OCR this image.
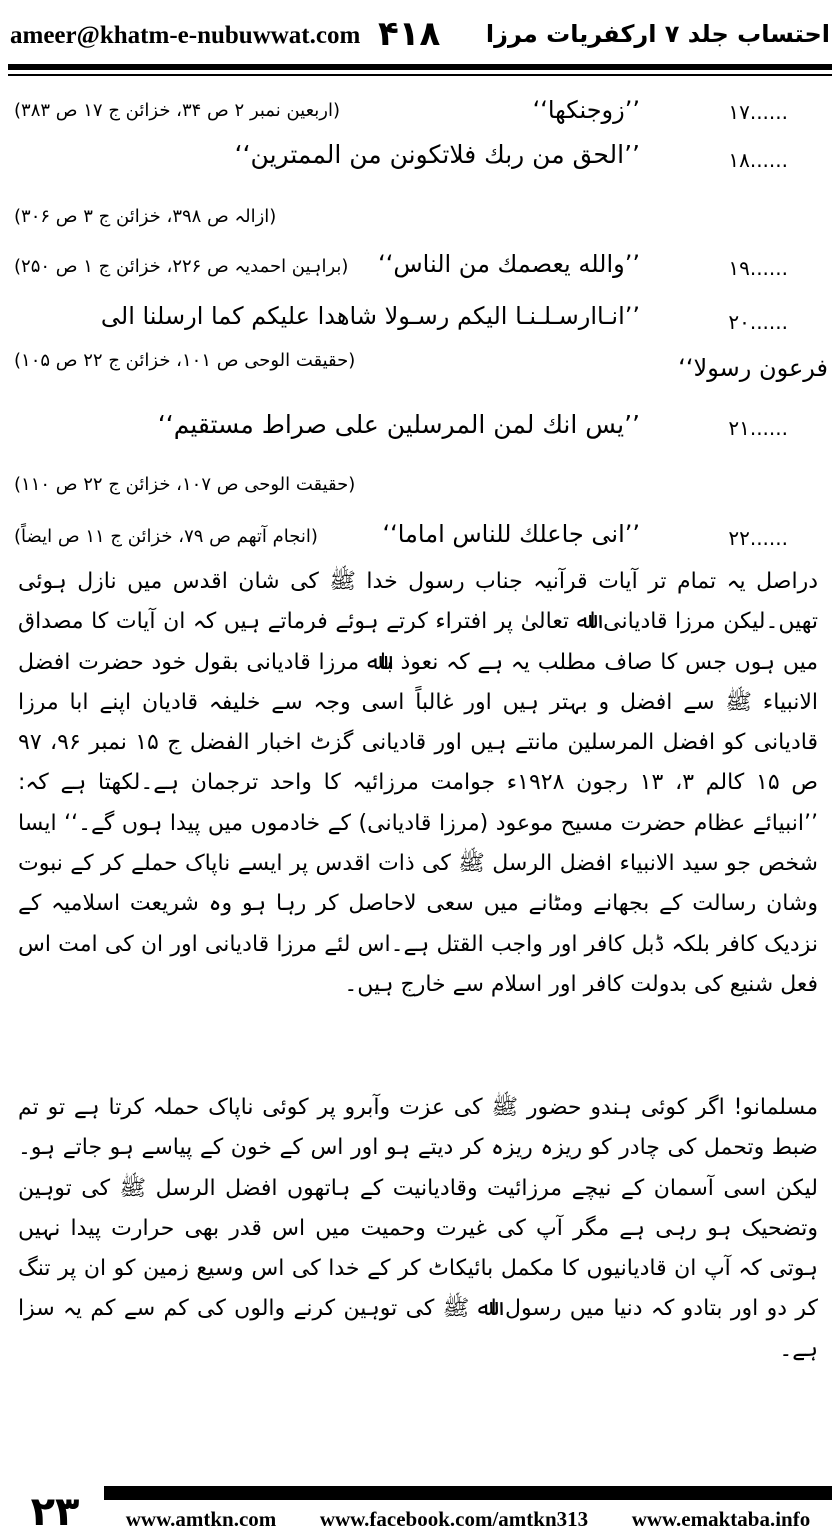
ameer@khatm-e-nubuwwat.com ۴۱۸ احتساب جلد ۷ ارکفریات مرزا
۱۷......
’’زوجنكها‘‘
(اربعین نمبر ۲ ص ۳۴، خزائن ج ۱۷ ص ۳۸۳)
۱۸......
’’الحق من ربك فلاتكونن من الممترين‘‘
(ازالہ ص ۳۹۸، خزائن ج ۳ ص ۳۰۶)
۱۹......
’’والله يعصمك من الناس‘‘
(براہین احمدیہ ص ۲۲۶، خزائن ج ۱ ص ۲۵۰)
۲۰......
’’انـاارسـلـنـا اليكم رسـولا شاهدا عليكم كما ارسلنا الى
فرعون رسولا‘‘
(حقیقت الوحی ص ۱۰۱، خزائن ج ۲۲ ص ۱۰۵)
۲۱......
’’يس انك لمن المرسلين على صراط مستقيم‘‘
(حقیقت الوحی ص ۱۰۷، خزائن ج ۲۲ ص ۱۱۰)
۲۲......
’’انى جاعلك للناس اماما‘‘
(انجام آتھم ص ۷۹، خزائن ج ۱۱ ص ایضاً)
دراصل یہ تمام تر آیات قرآنیہ جناب رسول خدا ﷺ کی شان اقدس میں نازل ہوئی تھیں۔لیکن مرزا قادیانی اﷲ تعالیٰ پر افتراء کرتے ہوئے فرماتے ہیں کہ ان آیات کا مصداق میں ہوں جس کا صاف مطلب یہ ہے کہ نعوذ باﷲ مرزا قادیانی بقول خود حضرت افضل الانبیاء ﷺ سے افضل و بہتر ہیں اور غالباً اسی وجہ سے خلیفہ قادیان اپنے ابا مرزا قادیانی کو افضل المرسلین مانتے ہیں اور قادیانی گزٹ اخبار الفضل ج ۱۵ نمبر ۹۶، ۹۷ ص ۱۵ کالم ۳، ۱۳ رجون ۱۹۲۸ء جوامت مرزائیہ کا واحد ترجمان ہے۔لکھتا ہے کہ: ’’انبیائے عظام حضرت مسیح موعود (مرزا قادیانی) کے خادموں میں پیدا ہوں گے۔‘‘ ایسا شخص جو سید الانبیاء افضل الرسل ﷺ کی ذات اقدس پر ایسے ناپاک حملے کر کے نبوت وشان رسالت کے بجھانے ومٹانے میں سعی لاحاصل کر رہا ہو وہ شریعت اسلامیہ کے نزدیک کافر بلکہ ڈبل کافر اور واجب القتل ہے۔اس لئے مرزا قادیانی اور ان کی امت اس فعل شنیع کی بدولت کافر اور اسلام سے خارج ہیں۔
مسلمانو! اگر کوئی ہندو حضور ﷺ کی عزت وآبرو پر کوئی ناپاک حملہ کرتا ہے تو تم ضبط وتحمل کی چادر کو ریزہ ریزہ کر دیتے ہو اور اس کے خون کے پیاسے ہو جاتے ہو۔لیکن اسی آسمان کے نیچے مرزائیت وقادیانیت کے ہاتھوں افضل الرسل ﷺ کی توہین وتضحیک ہو رہی ہے مگر آپ کی غیرت وحمیت میں اس قدر بھی حرارت پیدا نہیں ہوتی کہ آپ ان قادیانیوں کا مکمل بائیکاٹ کر کے خدا کی اس وسیع زمین کو ان پر تنگ کر دو اور بتادو کہ دنیا میں رسول اﷲ ﷺ کی توہین کرنے والوں کی کم سے کم یہ سزا ہے۔
۲۳	www.amtkn.com www.facebook.com/amtkn313 www.emaktaba.info
